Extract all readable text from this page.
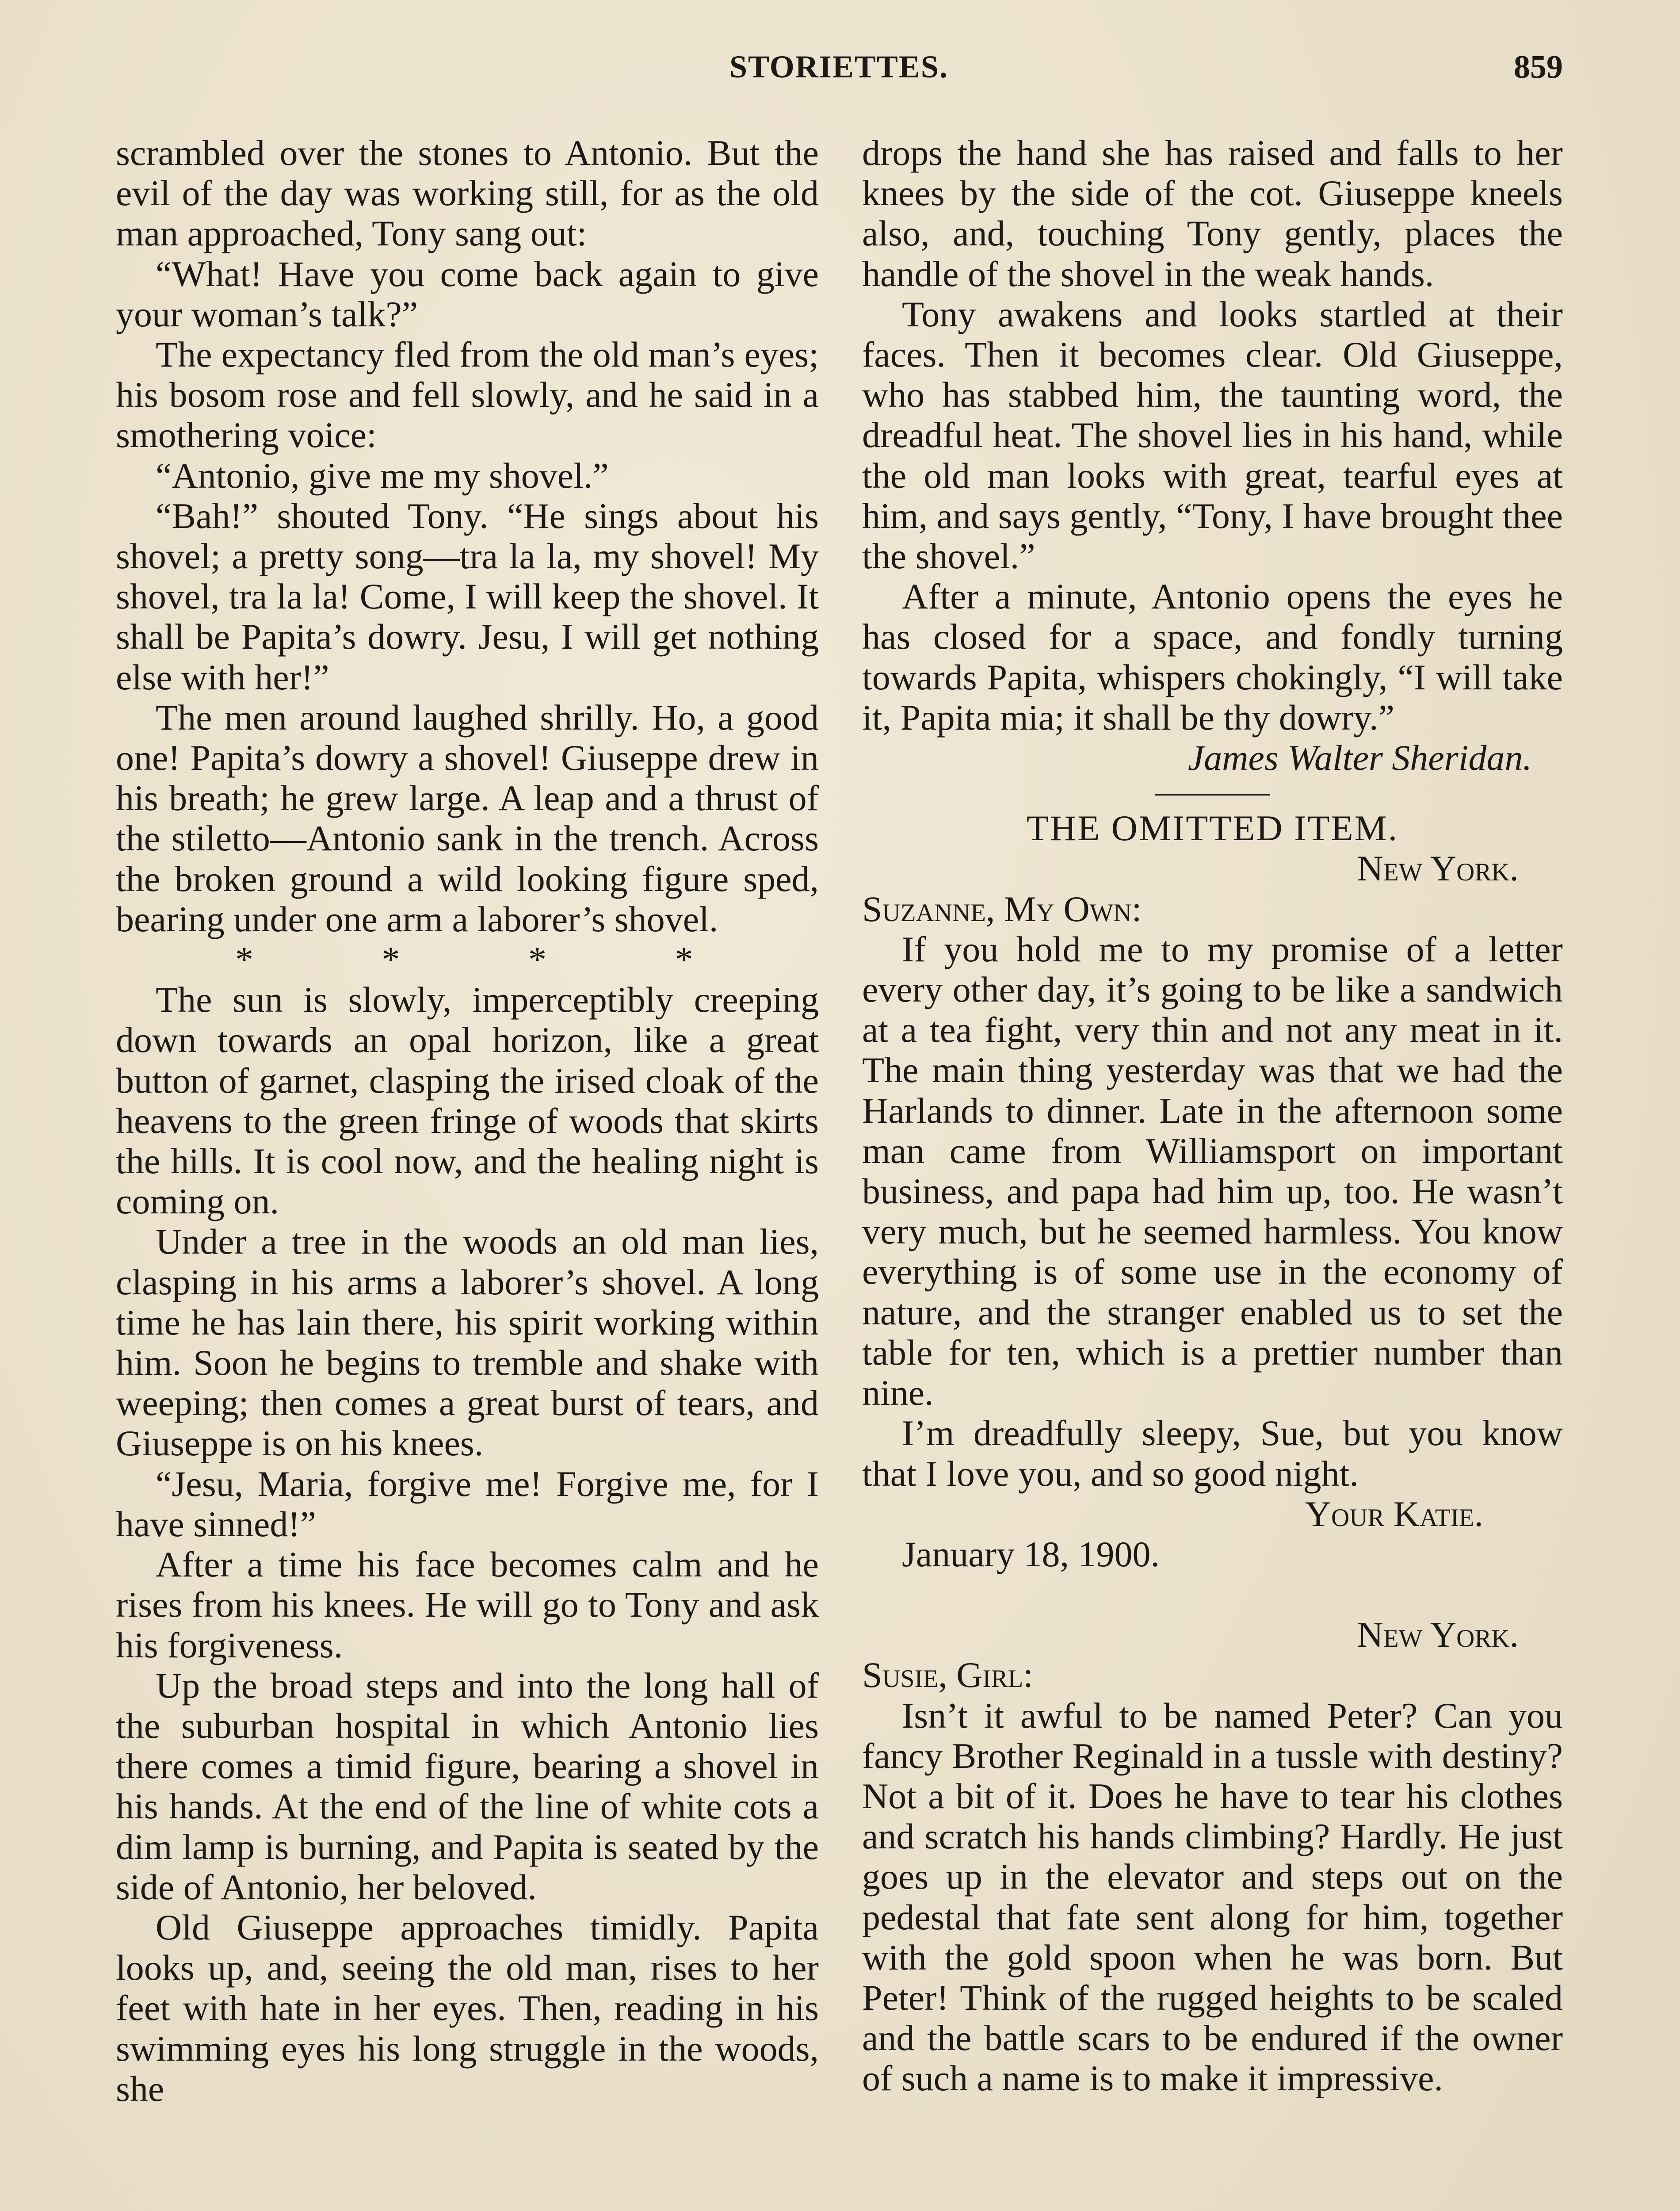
STORIETTES.	859

scrambled over the stones to Antonio. But the evil of the day was working still, for as the old man approached, Tony sang out:

“What! Have you come back again to give your woman’s talk?”

The expectancy fled from the old man’s eyes; his bosom rose and fell slowly, and he said in a smothering voice:

“Antonio, give me my shovel.”

“Bah!” shouted Tony. “He sings about his shovel; a pretty song—tra la la, my shovel! My shovel, tra la la! Come, I will keep the shovel. It shall be Papita’s dowry. Jesu, I will get nothing else with her!”

The men around laughed shrilly. Ho, a good one! Papita’s dowry a shovel! Giuseppe drew in his breath; he grew large. A leap and a thrust of the stiletto—Antonio sank in the trench. Across the broken ground a wild looking figure sped, bearing under one arm a laborer’s shovel.

* * * *

The sun is slowly, imperceptibly creeping down towards an opal horizon, like a great button of garnet, clasping the irised cloak of the heavens to the green fringe of woods that skirts the hills. It is cool now, and the healing night is coming on.

Under a tree in the woods an old man lies, clasping in his arms a laborer’s shovel. A long time he has lain there, his spirit working within him. Soon he begins to tremble and shake with weeping; then comes a great burst of tears, and Giuseppe is on his knees.

“Jesu, Maria, forgive me! Forgive me, for I have sinned!”

After a time his face becomes calm and he rises from his knees. He will go to Tony and ask his forgiveness.

Up the broad steps and into the long hall of the suburban hospital in which Antonio lies there comes a timid figure, bearing a shovel in his hands. At the end of the line of white cots a dim lamp is burning, and Papita is seated by the side of Antonio, her beloved.

Old Giuseppe approaches timidly. Papita looks up, and, seeing the old man, rises to her feet with hate in her eyes. Then, reading in his swimming eyes his long struggle in the woods, she

drops the hand she has raised and falls to her knees by the side of the cot. Giuseppe kneels also, and, touching Tony gently, places the handle of the shovel in the weak hands.

Tony awakens and looks startled at their faces. Then it becomes clear. Old Giuseppe, who has stabbed him, the taunting word, the dreadful heat. The shovel lies in his hand, while the old man looks with great, tearful eyes at him, and says gently, “Tony, I have brought thee the shovel.”

After a minute, Antonio opens the eyes he has closed for a space, and fondly turning towards Papita, whispers chokingly, “I will take it, Papita mia; it shall be thy dowry.”

James Walter Sheridan.
THE OMITTED ITEM.
New York.

Suzanne, My Own:

If you hold me to my promise of a letter every other day, it’s going to be like a sandwich at a tea fight, very thin and not any meat in it. The main thing yesterday was that we had the Harlands to dinner. Late in the afternoon some man came from Williamsport on important business, and papa had him up, too. He wasn’t very much, but he seemed harmless. You know everything is of some use in the economy of nature, and the stranger enabled us to set the table for ten, which is a prettier number than nine.

I’m dreadfully sleepy, Sue, but you know that I love you, and so good night.

Your Katie.

January 18, 1900.

New York.

Susie, Girl:

Isn’t it awful to be named Peter? Can you fancy Brother Reginald in a tussle with destiny? Not a bit of it. Does he have to tear his clothes and scratch his hands climbing? Hardly. He just goes up in the elevator and steps out on the pedestal that fate sent along for him, together with the gold spoon when he was born. But Peter! Think of the rugged heights to be scaled and the battle scars to be endured if the owner of such a name is to make it impressive.
